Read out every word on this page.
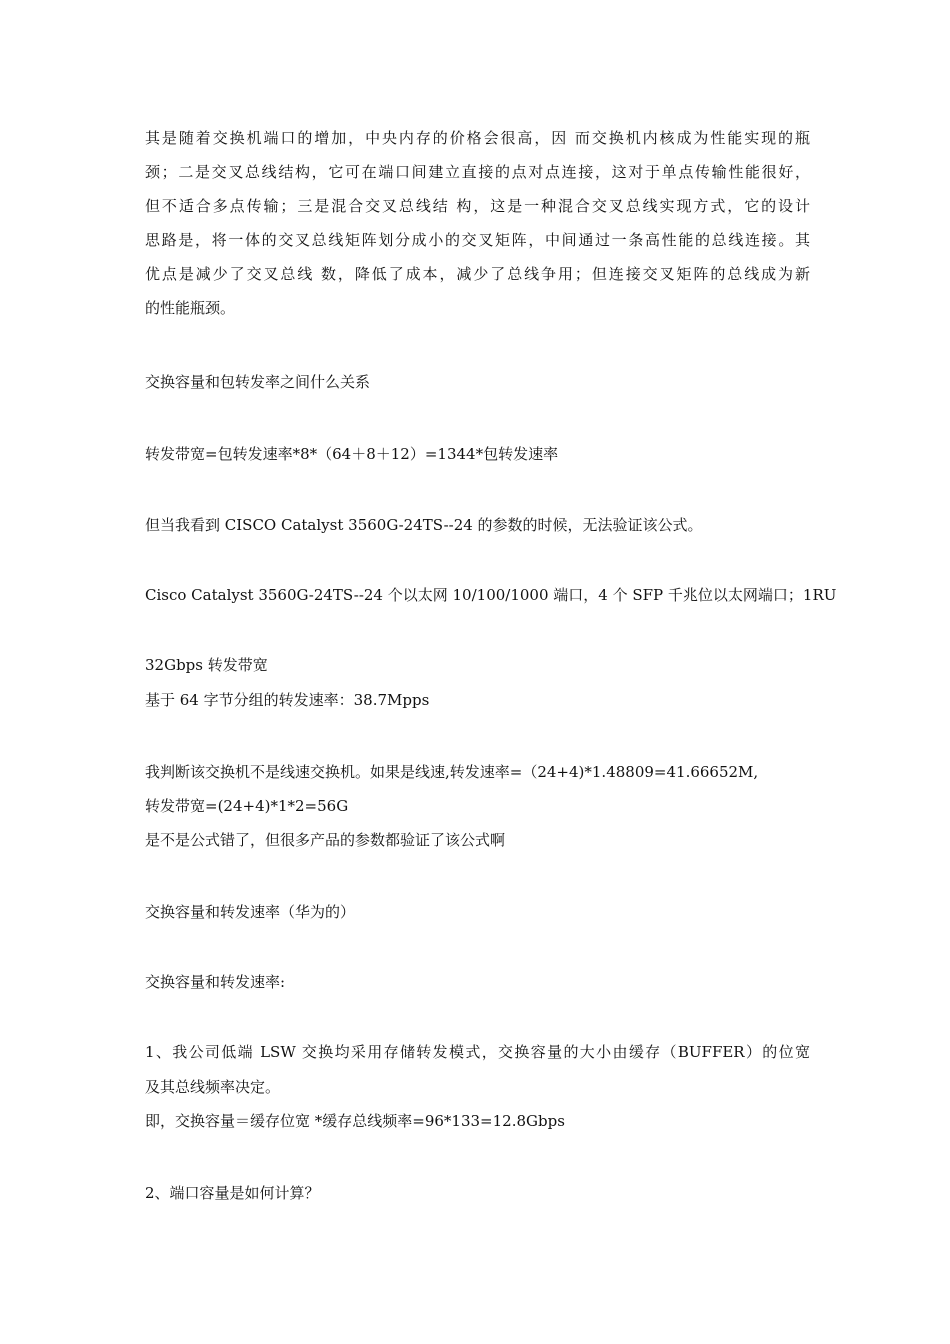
其是随着交换机端口的增加，中央内存的价格会很高，因 而交换机内核成为性能实现的瓶
颈；二是交叉总线结构，它可在端口间建立直接的点对点连接，这对于单点传输性能很好，
但不适合多点传输；三是混合交叉总线结 构，这是一种混合交叉总线实现方式，它的设计
思路是，将一体的交叉总线矩阵划分成小的交叉矩阵，中间通过一条高性能的总线连接。其
优点是减少了交叉总线 数，降低了成本，减少了总线争用；但连接交叉矩阵的总线成为新
的性能瓶颈。
交换容量和包转发率之间什么关系
转发带宽=包转发速率*8*（64＋8＋12）=1344*包转发速率
但当我看到 CISCO Catalyst 3560G-24TS--24 的参数的时候，无法验证该公式。
Cisco Catalyst 3560G-24TS--24 个以太网 10/100/1000 端口，4 个 SFP 千兆位以太网端口；1RU
32Gbps 转发带宽
基于 64 字节分组的转发速率：38.7Mpps
我判断该交换机不是线速交换机。如果是线速,转发速率=（24+4)*1.48809=41.66652M,
转发带宽=(24+4)*1*2=56G
是不是公式错了，但很多产品的参数都验证了该公式啊
交换容量和转发速率（华为的）
交换容量和转发速率:
1、我公司低端 LSW 交换均采用存储转发模式，交换容量的大小由缓存（BUFFER）的位宽
及其总线频率决定。
即，交换容量＝缓存位宽 *缓存总线频率=96*133=12.8Gbps
2、端口容量是如何计算？
